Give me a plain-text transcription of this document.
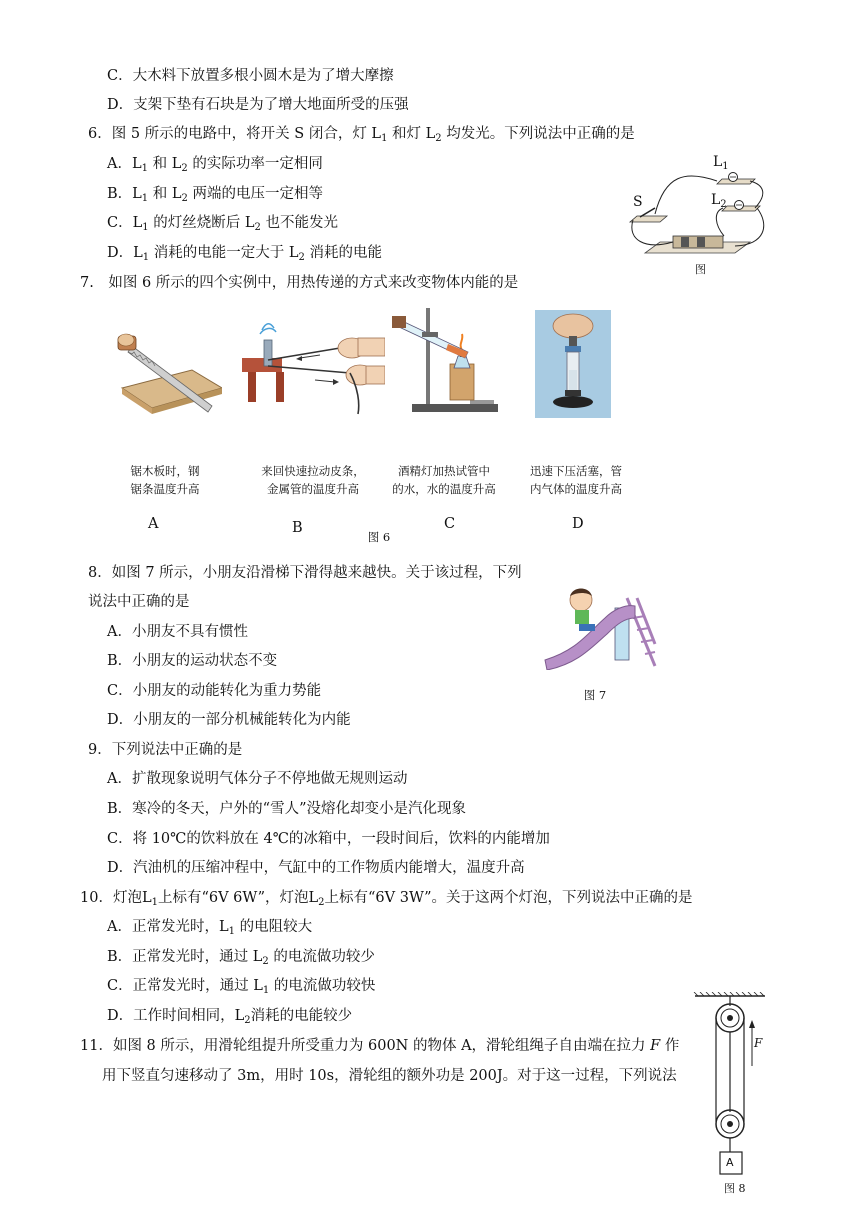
C．大木料下放置多根小圆木是为了增大摩擦
D．支架下垫有石块是为了增大地面所受的压强
6．图 5 所示的电路中，将开关 S 闭合，灯 $L_1$ 和灯 $L_2$ 均发光。下列说法中正确的是
A．$L_1$ 和 $L_2$ 的实际功率一定相同
B．$L_1$ 和 $L_2$ 两端的电压一定相等
C．$L_1$ 的灯丝烧断后 $L_2$ 也不能发光
D．$L_1$ 消耗的电能一定大于 $L_2$ 消耗的电能
$L_1$
$L_2$
S
图
7.　如图 6 所示的四个实例中，用热传递的方式来改变物体内能的是
锯木板时，钢
锯条温度升高
来回快速拉动皮条，
金属管的温度升高
酒精灯加热试管中
的水，水的温度升高
迅速下压活塞，管
内气体的温度升高
A	B	C	D
图 6
8．如图 7 所示，小朋友沿滑梯下滑得越来越快。关于该过程，下列
说法中正确的是
A．小朋友不具有惯性
B．小朋友的运动状态不变
C．小朋友的动能转化为重力势能
D．小朋友的一部分机械能转化为内能
图 7
9．下列说法中正确的是
A．扩散现象说明气体分子不停地做无规则运动
B．寒冷的冬天，户外的“雪人”没熔化却变小是汽化现象
C．将 10℃的饮料放在 4℃的冰箱中，一段时间后，饮料的内能增加
D．汽油机的压缩冲程中，气缸中的工作物质内能增大，温度升高
10．灯泡$L_1$上标有“6V 6W”，灯泡$L_2$上标有“6V 3W”。关于这两个灯泡，下列说法中正确的是
A．正常发光时，$L_1$ 的电阻较大
B．正常发光时，通过 $L_2$ 的电流做功较少
C．正常发光时，通过 $L_1$ 的电流做功较快
D．工作时间相同，$L_2$消耗的电能较少
11．如图 8 所示，用滑轮组提升所受重力为 600N 的物体 A，滑轮组绳子自由端在拉力 F 作
用下竖直匀速移动了 3m，用时 10s，滑轮组的额外功是 200J。对于这一过程，下列说法
F
A
图 8
